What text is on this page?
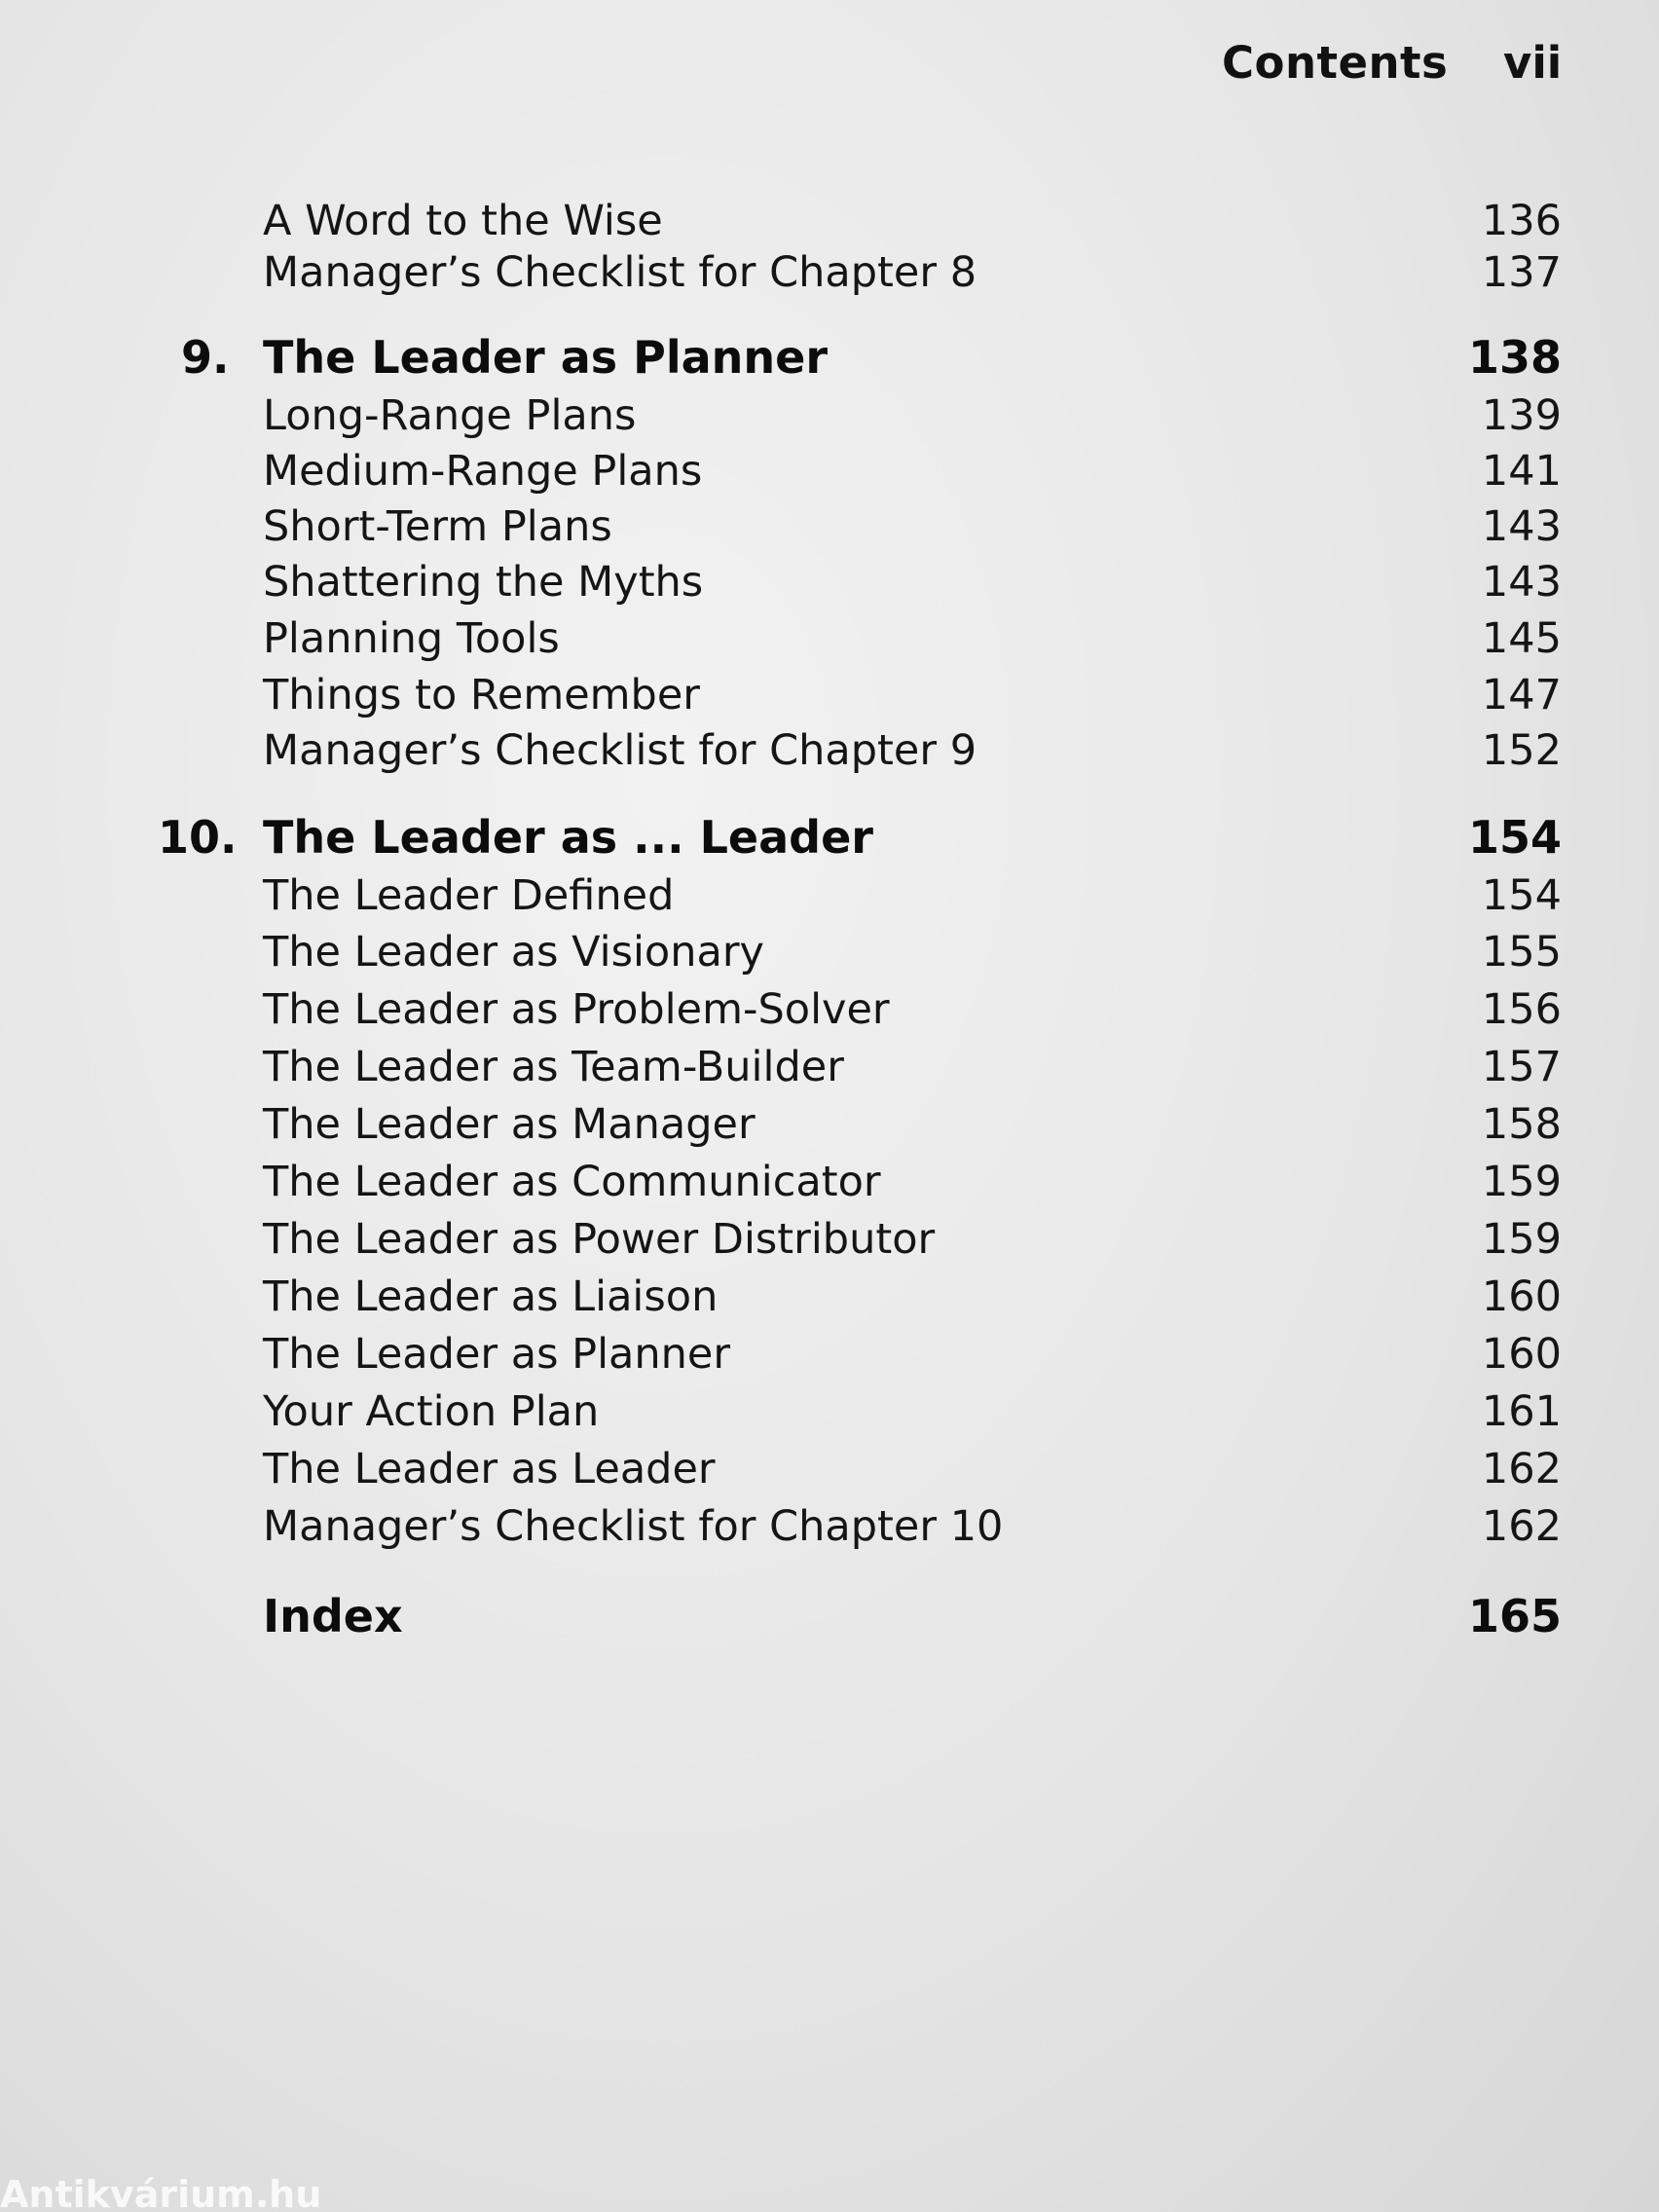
Contents vii
A Word to the Wise	136
Manager’s Checklist for Chapter 8	137
9. The Leader as Planner	138
Long-Range Plans	139
Medium-Range Plans	141
Short-Term Plans	143
Shattering the Myths	143
Planning Tools	145
Things to Remember	147
Manager’s Checklist for Chapter 9	152
10. The Leader as ... Leader	154
The Leader Defined	154
The Leader as Visionary	155
The Leader as Problem-Solver	156
The Leader as Team-Builder	157
The Leader as Manager	158
The Leader as Communicator	159
The Leader as Power Distributor	159
The Leader as Liaison	160
The Leader as Planner	160
Your Action Plan	161
The Leader as Leader	162
Manager’s Checklist for Chapter 10	162
Index	165
Antikvárium.hu
